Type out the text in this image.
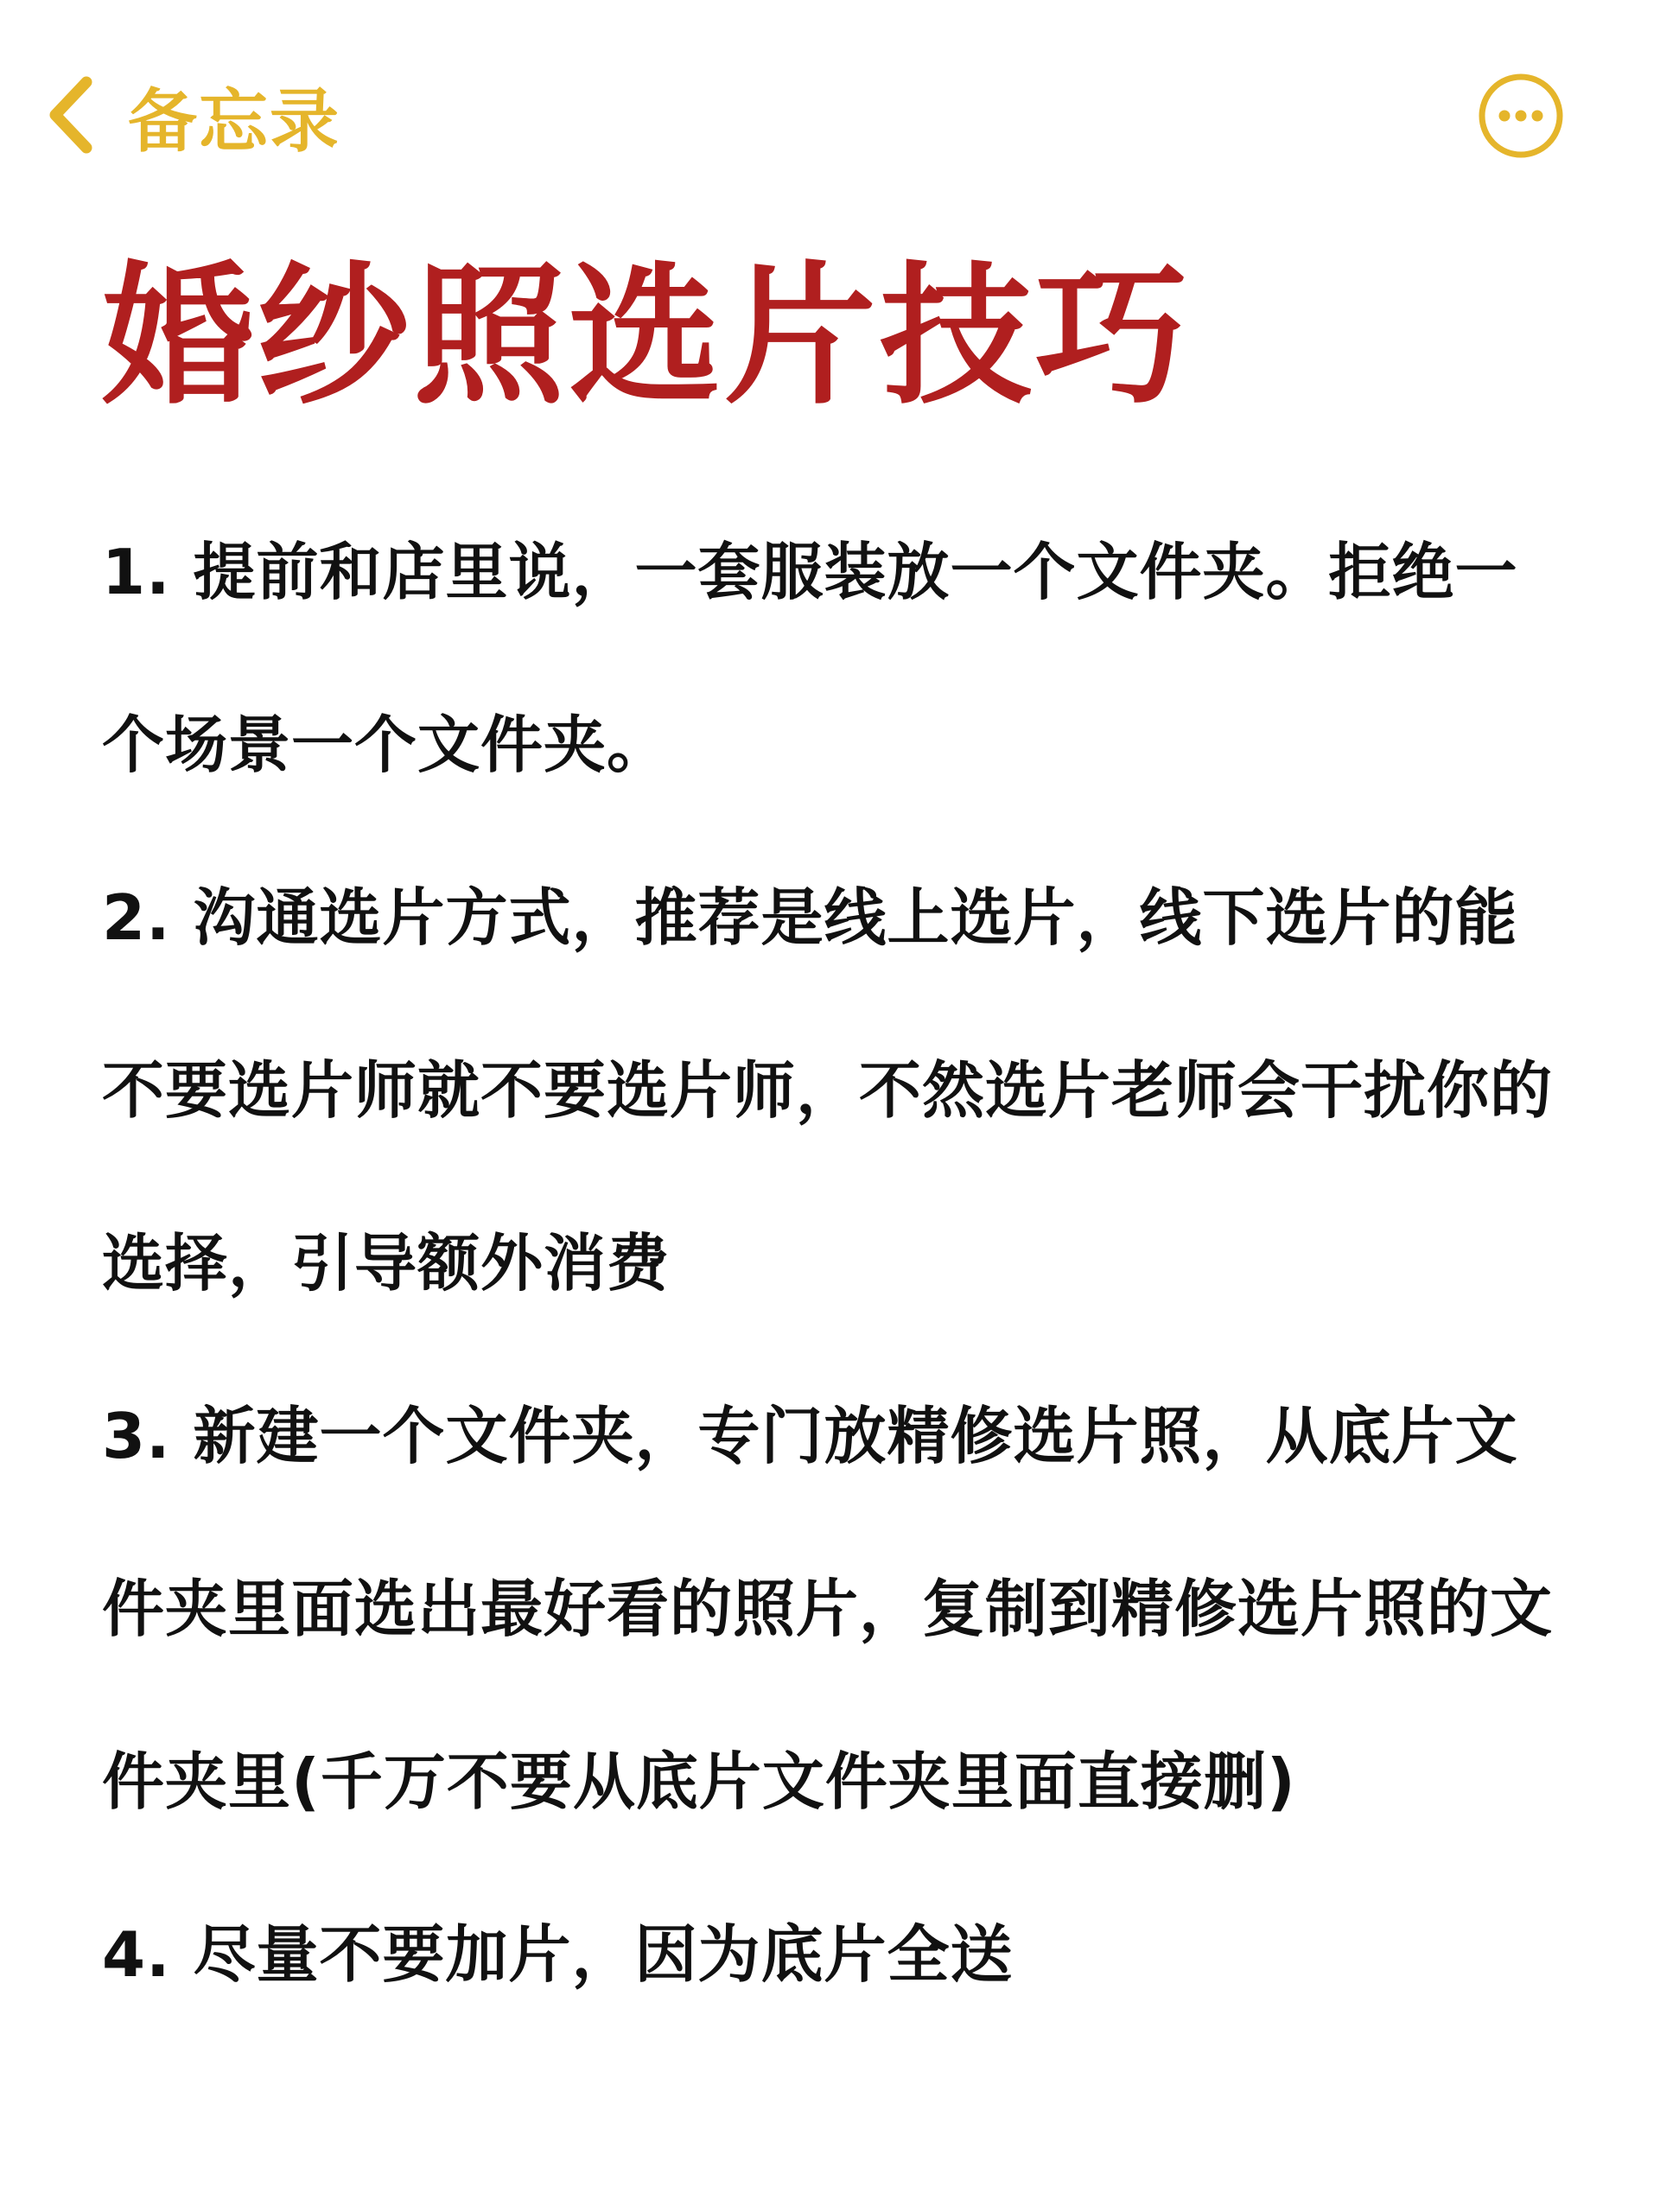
备忘录
婚纱照选片技巧

1. 提前和店里说，一套服装放一个文件夹。拒绝一个场景一个文件夹。

2. 沟通选片方式，推荐是线上选片，线下选片的能不要选片师就不要选片师，不然选片老师会干扰你的选择，引导额外消费

3. 新建一个文件夹，专门放精修选片照，从底片文件夹里面选出最好看的照片，复制到精修选片照的文件夹里(千万不要从底片文件夹里面直接删)

4. 尽量不要加片，因为底片全送
